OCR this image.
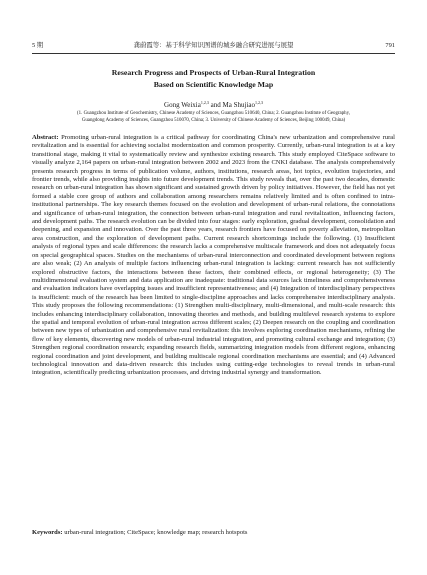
5 期	龚蔚霞等：基于科学知识图谱的城乡融合研究进展与展望	791
Research Progress and Prospects of Urban-Rural Integration
Based on Scientific Knowledge Map
Gong Weixia$^{1,2,3}$ and Ma Shujiao$^{1,2,3}$
(1. Guangzhou Institute of Geochemistry, Chinese Academy of Sciences, Guangzhou 510640, China; 2. Guangzhou Institute of Geography,
Guangdong Academy of Sciences, Guangzhou 510070, China; 3. University of Chinese Academy of Sciences, Beijing 100049, China)
Abstract: Promoting urban-rural integration is a critical pathway for coordinating China's new urbanization and comprehensive rural revitalization and is essential for achieving socialist modernization and common prosperity. Currently, urban-rural integration is at a key transitional stage, making it vital to systematically review and synthesize existing research. This study employed CiteSpace software to visually analyze 2,164 papers on urban-rural integration between 2002 and 2023 from the CNKI database. The analysis comprehensively presents research progress in terms of publication volume, authors, institutions, research areas, hot topics, evolution trajectories, and frontier trends, while also providing insights into future development trends. This study reveals that, over the past two decades, domestic research on urban-rural integration has shown significant and sustained growth driven by policy initiatives. However, the field has not yet formed a stable core group of authors and collaboration among researchers remains relatively limited and is often confined to intra-institutional partnerships. The key research themes focused on the evolution and development of urban-rural relations, the connotations and significance of urban-rural integration, the connection between urban-rural integration and rural revitalization, influencing factors, and development paths. The research evolution can be divided into four stages: early exploration, gradual development, consolidation and deepening, and expansion and innovation. Over the past three years, research frontiers have focused on poverty alleviation, metropolitan area construction, and the exploration of development paths. Current research shortcomings include the following. (1) Insufficient analysis of regional types and scale differences: the research lacks a comprehensive multiscale framework and does not adequately focus on special geographical spaces. Studies on the mechanisms of urban-rural interconnection and coordinated development between regions are also weak; (2) An analysis of multiple factors influencing urban-rural integration is lacking: current research has not sufficiently explored obstructive factors, the interactions between these factors, their combined effects, or regional heterogeneity; (3) The multidimensional evaluation system and data application are inadequate: traditional data sources lack timeliness and comprehensiveness and evaluation indicators have overlapping issues and insufficient representativeness; and (4) Integration of interdisciplinary perspectives is insufficient: much of the research has been limited to single-discipline approaches and lacks comprehensive interdisciplinary analysis. This study proposes the following recommendations: (1) Strengthen multi-disciplinary, multi-dimensional, and multi-scale research: this includes enhancing interdisciplinary collaboration, innovating theories and methods, and building multilevel research systems to explore the spatial and temporal evolution of urban-rural integration across different scales; (2) Deepen research on the coupling and coordination between new types of urbanization and comprehensive rural revitalization: this involves exploring coordination mechanisms, refining the flow of key elements, discovering new models of urban-rural industrial integration, and promoting cultural exchange and integration; (3) Strengthen regional coordination research; expanding research fields, summarizing integration models from different regions, enhancing regional coordination and joint development, and building multiscale regional coordination mechanisms are essential; and (4) Advanced technological innovation and data-driven research: this includes using cutting-edge technologies to reveal trends in urban-rural integration, scientifically predicting urbanization processes, and driving industrial synergy and transformation.
Keywords: urban-rural integration; CiteSpace; knowledge map; research hotspots
